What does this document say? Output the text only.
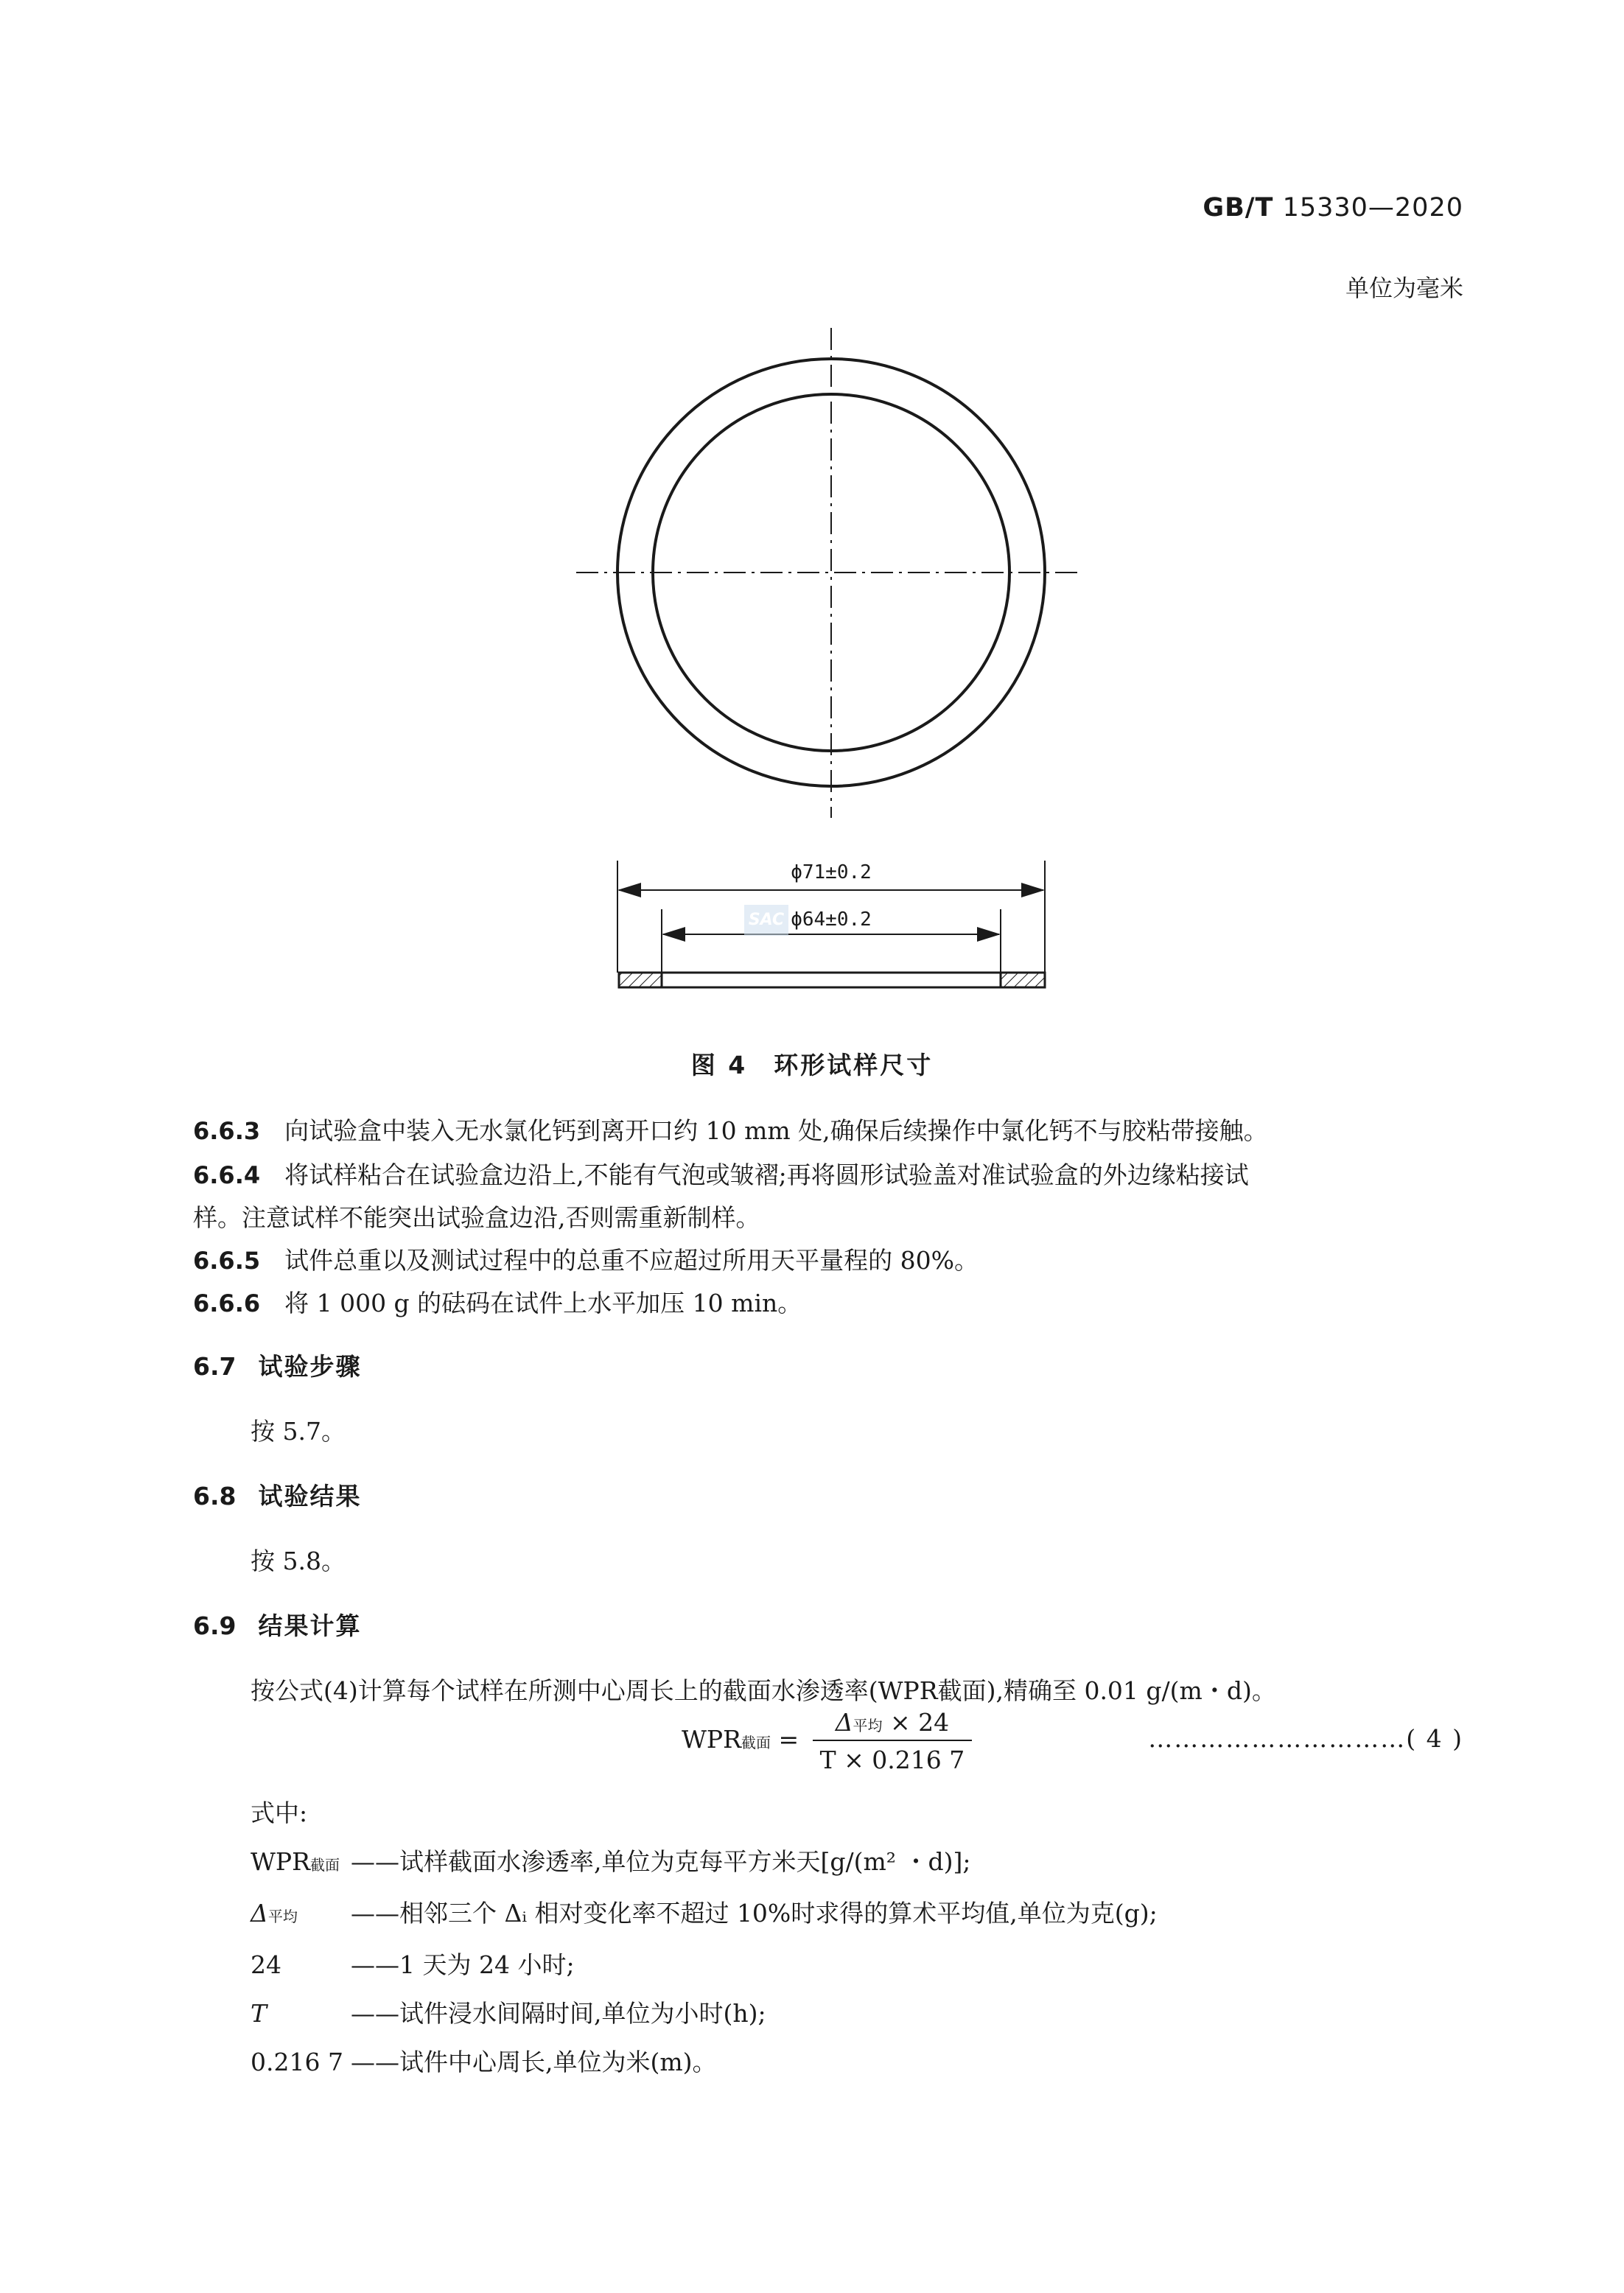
GB/T 15330—2020
单位为毫米
ϕ71±0.2
ϕ64±0.2
SAC
图 4　环形试样尺寸
6.6.3　 向试验盒中装入无水氯化钙到离开口约 10 mm 处,确保后续操作中氯化钙不与胶粘带接触。
6.6.4　 将试样粘合在试验盒边沿上,不能有气泡或皱褶;再将圆形试验盖对准试验盒的外边缘粘接试
样。注意试样不能突出试验盒边沿,否则需重新制样。
6.6.5　 试件总重以及测试过程中的总重不应超过所用天平量程的 80%。
6.6.6　 将 1 000 g 的砝码在试件上水平加压 10 min。
6.7 试验步骤
按 5.7。
6.8 试验结果
按 5.8。
6.9 结果计算
按公式(4)计算每个试样在所测中心周长上的截面水渗透率(WPR截面),精确至 0.01 g/(m・d)。
WPR截面 = $\frac{\text{Δ平均 × 24}}{T \times 0.216 7}$	…………………………( 4 )
式中:
WPR截面 ——试样截面水渗透率,单位为克每平方米天[g/(m² ・d)];
Δ平均	——相邻三个 Δᵢ 相对变化率不超过 10%时求得的算术平均值,单位为克(g);
24	——1 天为 24 小时;
T	——试件浸水间隔时间,单位为小时(h);
0.216 7 ——试件中心周长,单位为米(m)。
